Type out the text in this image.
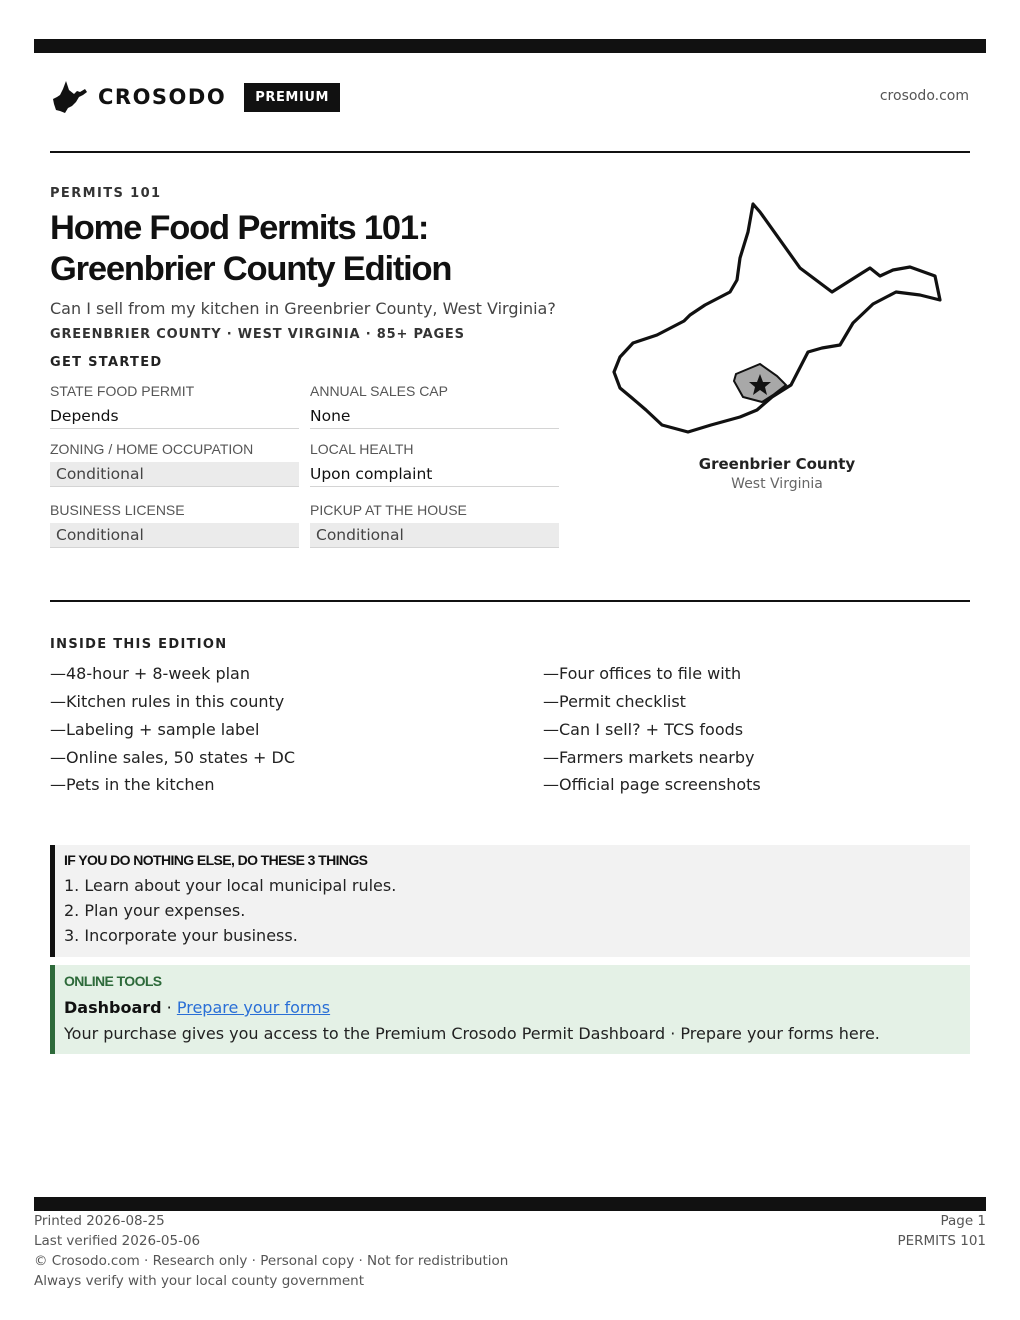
CROSODO	PREMIUM	crosodo.com
PERMITS 101
Home Food Permits 101:
Greenbrier County Edition
Can I sell from my kitchen in Greenbrier County, West Virginia?
GREENBRIER COUNTY · WEST VIRGINIA · 85+ PAGES
GET STARTED
STATE FOOD PERMIT
Depends
ANNUAL SALES CAP
None
ZONING / HOME OCCUPATION
Conditional
LOCAL HEALTH
Upon complaint
BUSINESS LICENSE
Conditional
PICKUP AT THE HOUSE
Conditional
Greenbrier County
West Virginia
INSIDE THIS EDITION
—48-hour + 8-week plan
—Kitchen rules in this county
—Labeling + sample label
—Online sales, 50 states + DC
—Pets in the kitchen
—Four offices to file with
—Permit checklist
—Can I sell? + TCS foods
—Farmers markets nearby
—Official page screenshots
IF YOU DO NOTHING ELSE, DO THESE 3 THINGS
1. Learn about your local municipal rules.
2. Plan your expenses.
3. Incorporate your business.
ONLINE TOOLS
Dashboard · Prepare your forms
Your purchase gives you access to the Premium Crosodo Permit Dashboard · Prepare your forms here.
Printed 2026-08-25
Last verified 2026-05-06
© Crosodo.com · Research only · Personal copy · Not for redistribution
Always verify with your local county government
Page 1
PERMITS 101
